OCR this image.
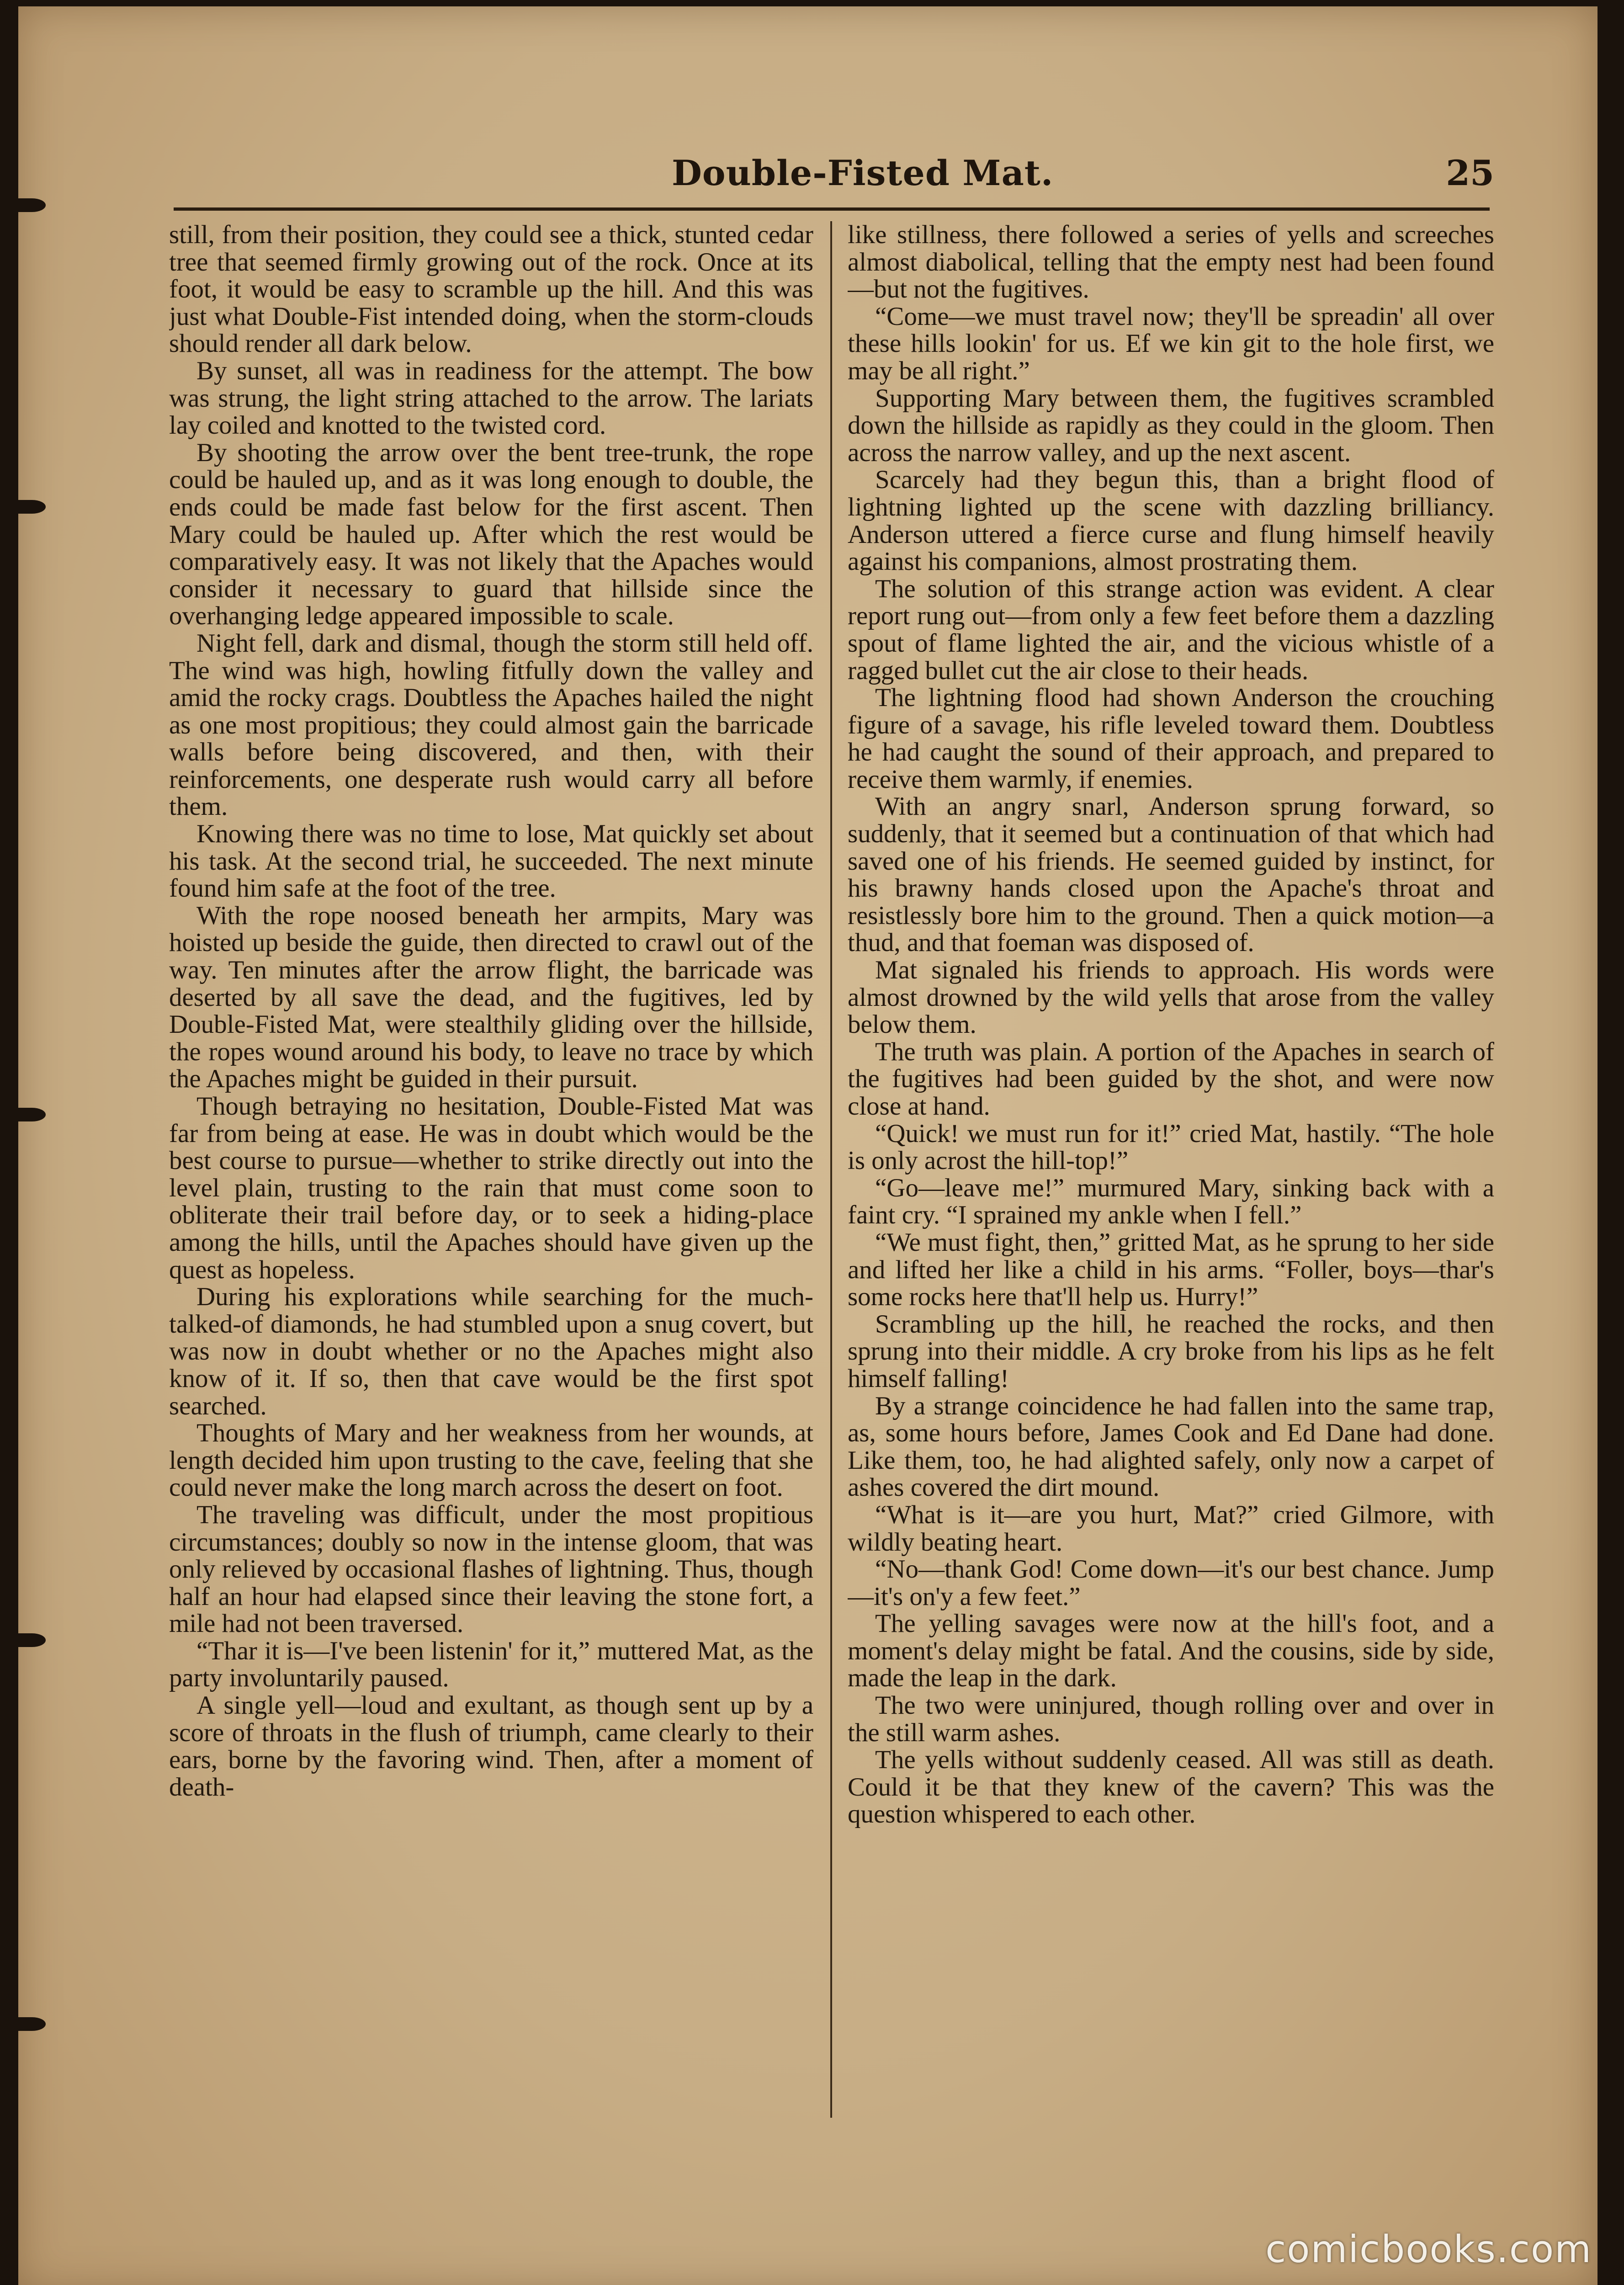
Double-Fisted Mat.	25

still, from their position, they could see a thick, stunted cedar tree that seemed firmly growing out of the rock. Once at its foot, it would be easy to scramble up the hill. And this was just what Double-Fist intended doing, when the storm-clouds should render all dark below.

By sunset, all was in readiness for the attempt. The bow was strung, the light string attached to the arrow. The lariats lay coiled and knotted to the twisted cord.

By shooting the arrow over the bent tree-trunk, the rope could be hauled up, and as it was long enough to double, the ends could be made fast below for the first ascent. Then Mary could be hauled up. After which the rest would be comparatively easy. It was not likely that the Apaches would consider it necessary to guard that hillside since the overhanging ledge appeared impossible to scale.

Night fell, dark and dismal, though the storm still held off. The wind was high, howling fitfully down the valley and amid the rocky crags. Doubtless the Apaches hailed the night as one most propitious; they could almost gain the barricade walls before being discovered, and then, with their reinforcements, one desperate rush would carry all before them.

Knowing there was no time to lose, Mat quickly set about his task. At the second trial, he succeeded. The next minute found him safe at the foot of the tree.

With the rope noosed beneath her armpits, Mary was hoisted up beside the guide, then directed to crawl out of the way. Ten minutes after the arrow flight, the barricade was deserted by all save the dead, and the fugitives, led by Double-Fisted Mat, were stealthily gliding over the hillside, the ropes wound around his body, to leave no trace by which the Apaches might be guided in their pursuit.

Though betraying no hesitation, Double-Fisted Mat was far from being at ease. He was in doubt which would be the best course to pursue—whether to strike directly out into the level plain, trusting to the rain that must come soon to obliterate their trail before day, or to seek a hiding-place among the hills, until the Apaches should have given up the quest as hopeless.

During his explorations while searching for the much-talked-of diamonds, he had stumbled upon a snug covert, but was now in doubt whether or no the Apaches might also know of it. If so, then that cave would be the first spot searched.

Thoughts of Mary and her weakness from her wounds, at length decided him upon trusting to the cave, feeling that she could never make the long march across the desert on foot.

The traveling was difficult, under the most propitious circumstances; doubly so now in the intense gloom, that was only relieved by occasional flashes of lightning. Thus, though half an hour had elapsed since their leaving the stone fort, a mile had not been traversed.

“Thar it is—I've been listenin' for it,” muttered Mat, as the party involuntarily paused.

A single yell—loud and exultant, as though sent up by a score of throats in the flush of triumph, came clearly to their ears, borne by the favoring wind. Then, after a moment of death-

like stillness, there followed a series of yells and screeches almost diabolical, telling that the empty nest had been found—but not the fugitives.

“Come—we must travel now; they'll be spreadin' all over these hills lookin' for us. Ef we kin git to the hole first, we may be all right.”

Supporting Mary between them, the fugitives scrambled down the hillside as rapidly as they could in the gloom. Then across the narrow valley, and up the next ascent.

Scarcely had they begun this, than a bright flood of lightning lighted up the scene with dazzling brilliancy. Anderson uttered a fierce curse and flung himself heavily against his companions, almost prostrating them.

The solution of this strange action was evident. A clear report rung out—from only a few feet before them a dazzling spout of flame lighted the air, and the vicious whistle of a ragged bullet cut the air close to their heads.

The lightning flood had shown Anderson the crouching figure of a savage, his rifle leveled toward them. Doubtless he had caught the sound of their approach, and prepared to receive them warmly, if enemies.

With an angry snarl, Anderson sprung forward, so suddenly, that it seemed but a continuation of that which had saved one of his friends. He seemed guided by instinct, for his brawny hands closed upon the Apache's throat and resistlessly bore him to the ground. Then a quick motion—a thud, and that foeman was disposed of.

Mat signaled his friends to approach. His words were almost drowned by the wild yells that arose from the valley below them.

The truth was plain. A portion of the Apaches in search of the fugitives had been guided by the shot, and were now close at hand.

“Quick! we must run for it!” cried Mat, hastily. “The hole is only acrost the hill-top!”

“Go—leave me!” murmured Mary, sinking back with a faint cry. “I sprained my ankle when I fell.”

“We must fight, then,” gritted Mat, as he sprung to her side and lifted her like a child in his arms. “Foller, boys—thar's some rocks here that'll help us. Hurry!”

Scrambling up the hill, he reached the rocks, and then sprung into their middle. A cry broke from his lips as he felt himself falling!

By a strange coincidence he had fallen into the same trap, as, some hours before, James Cook and Ed Dane had done. Like them, too, he had alighted safely, only now a carpet of ashes covered the dirt mound.

“What is it—are you hurt, Mat?” cried Gilmore, with wildly beating heart.

“No—thank God! Come down—it's our best chance. Jump—it's on'y a few feet.”

The yelling savages were now at the hill's foot, and a moment's delay might be fatal. And the cousins, side by side, made the leap in the dark.

The two were uninjured, though rolling over and over in the still warm ashes.

The yells without suddenly ceased. All was still as death. Could it be that they knew of the cavern? This was the question whispered to each other.

comicbooks.com
